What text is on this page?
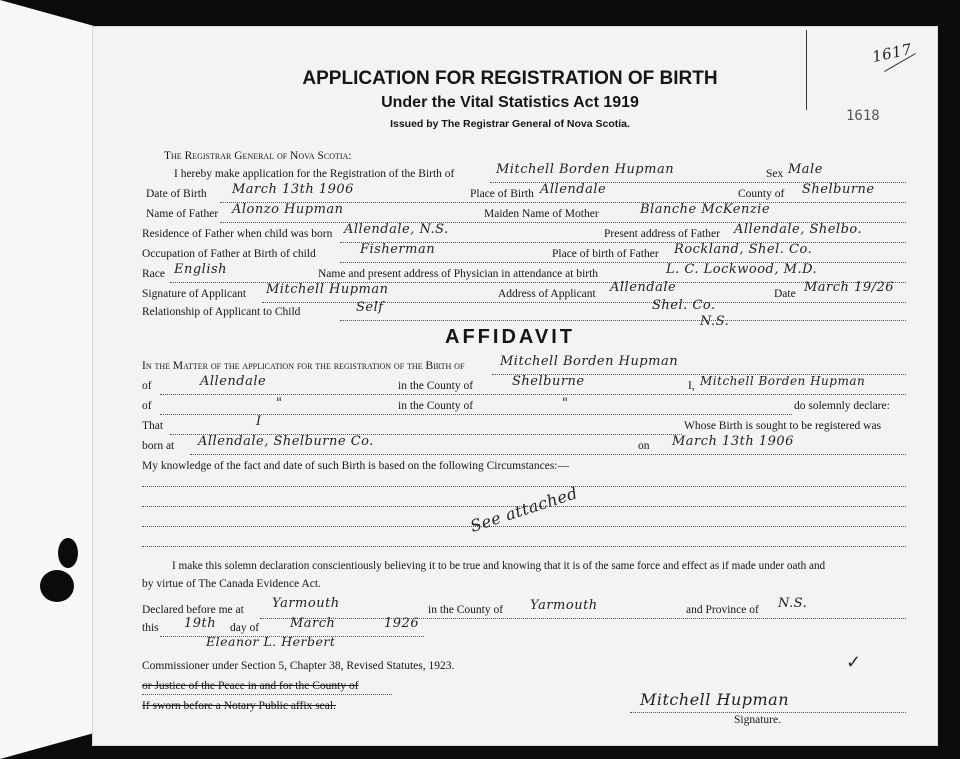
APPLICATION FOR REGISTRATION OF BIRTH
Under the Vital Statistics Act 1919
Issued by The Registrar General of Nova Scotia.
1617
1618
The Registrar General of Nova Scotia:
I hereby make application for the Registration of the Birth of	Mitchell Borden Hupman	Sex Male
Date of Birth March 13th 1906	Place of Birth Allendale	County of Shelburne
Name of Father Alonzo Hupman	Maiden Name of Mother	Blanche McKenzie
Residence of Father when child was born Allendale, N.S.	Present address of Father Allendale, Shelbo.
Occupation of Father at Birth of child	Fisherman	Place of birth of Father Rockland, Shel. Co.
Race English	Name and present address of Physician in attendance at birth	L. C. Lockwood, M.D.
Signature of Applicant Mitchell Hupman	Address of Applicant Allendale	Date March 19/26
Relationship of Applicant to Child	Self	Shel. Co.
N.S.
AFFIDAVIT
In the Matter of the application for the registration of the Birth of	Mitchell Borden Hupman
of	Allendale	in the County of	Shelburne	I, Mitchell Borden Hupman
of	"	in the County of	"	do solemnly declare:
That	I	Whose Birth is sought to be registered was
born at Allendale, Shelburne Co.	on March 13th 1906
My knowledge of the fact and date of such Birth is based on the following Circumstances:—
See attached
I make this solemn declaration conscientiously believing it to be true and knowing that it is of the same force and effect as if made under oath and
by virtue of The Canada Evidence Act.
Declared before me at Yarmouth	in the County of Yarmouth	and Province of N.S.
this 19th day of March	1926
Eleanor L. Herbert
Commissioner under Section 5, Chapter 38, Revised Statutes, 1923.
or Justice of the Peace in and for the County of
If sworn before a Notary Public affix seal.
✓
Mitchell Hupman
Signature.
